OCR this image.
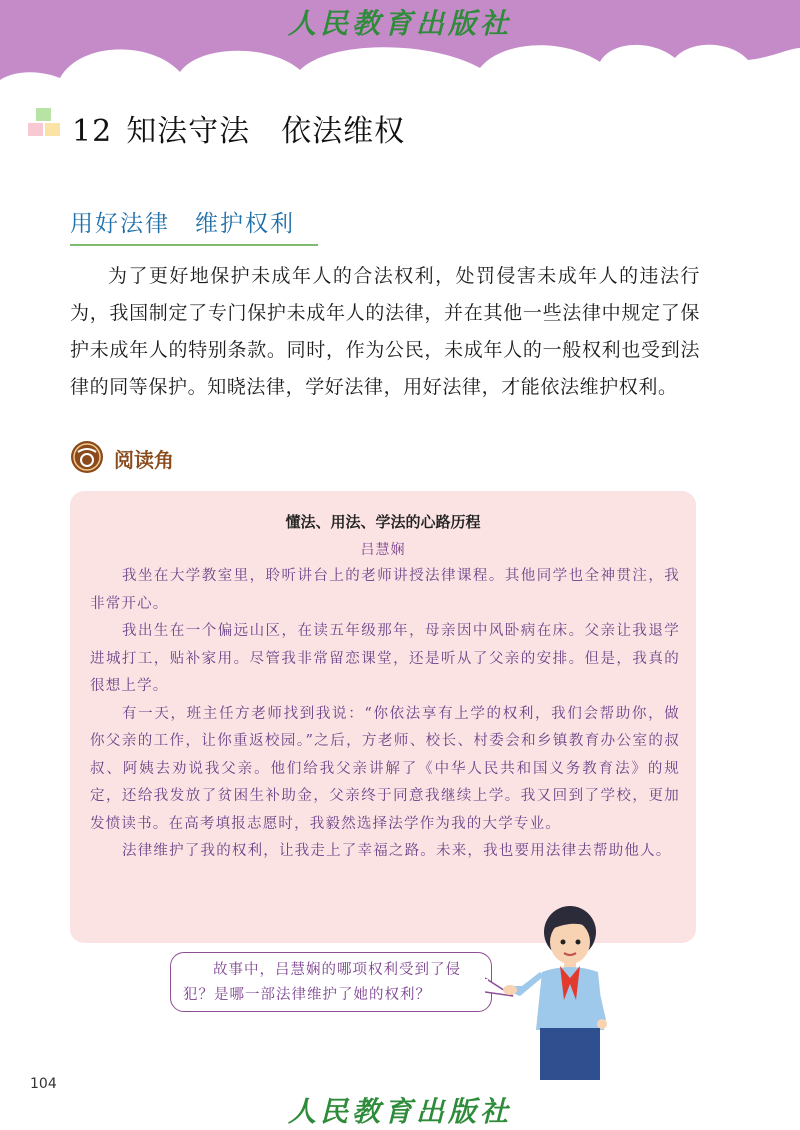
人民教育出版社
12 知法守法　依法维权
用好法律　维护权利
为了更好地保护未成年人的合法权利，处罚侵害未成年人的违法行为，我国制定了专门保护未成年人的法律，并在其他一些法律中规定了保护未成年人的特别条款。同时，作为公民，未成年人的一般权利也受到法律的同等保护。知晓法律，学好法律，用好法律，才能依法维护权利。
阅读角
懂法、用法、学法的心路历程
吕慧娴

我坐在大学教室里，聆听讲台上的老师讲授法律课程。其他同学也全神贯注，我非常开心。

我出生在一个偏远山区，在读五年级那年，母亲因中风卧病在床。父亲让我退学进城打工，贴补家用。尽管我非常留恋课堂，还是听从了父亲的安排。但是，我真的很想上学。

有一天，班主任方老师找到我说：“你依法享有上学的权利，我们会帮助你，做你父亲的工作，让你重返校园。”之后，方老师、校长、村委会和乡镇教育办公室的叔叔、阿姨去劝说我父亲。他们给我父亲讲解了《中华人民共和国义务教育法》的规定，还给我发放了贫困生补助金，父亲终于同意我继续上学。我又回到了学校，更加发愤读书。在高考填报志愿时，我毅然选择法学作为我的大学专业。

法律维护了我的权利，让我走上了幸福之路。未来，我也要用法律去帮助他人。

故事中，吕慧娴的哪项权利受到了侵犯？是哪一部法律维护了她的权利？
104
人民教育出版社
